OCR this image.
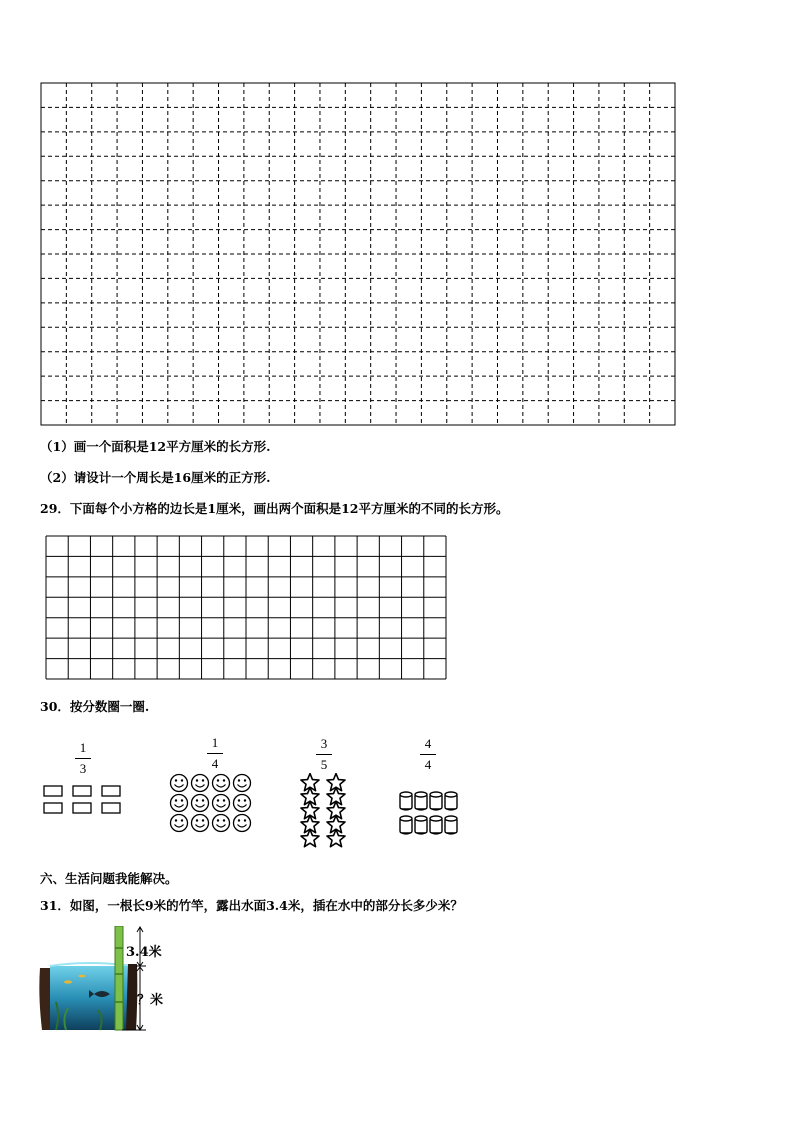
（1）画一个面积是12平方厘米的长方形.
（2）请设计一个周长是16厘米的正方形.
29．下面每个小方格的边长是1厘米，画出两个面积是12平方厘米的不同的长方形。
30．按分数圈一圈.
1
3
1
4
3
5
4
4
六、生活问题我能解决。
31．如图，一根长9米的竹竿，露出水面3.4米，插在水中的部分长多少米？
3.4米
？米
